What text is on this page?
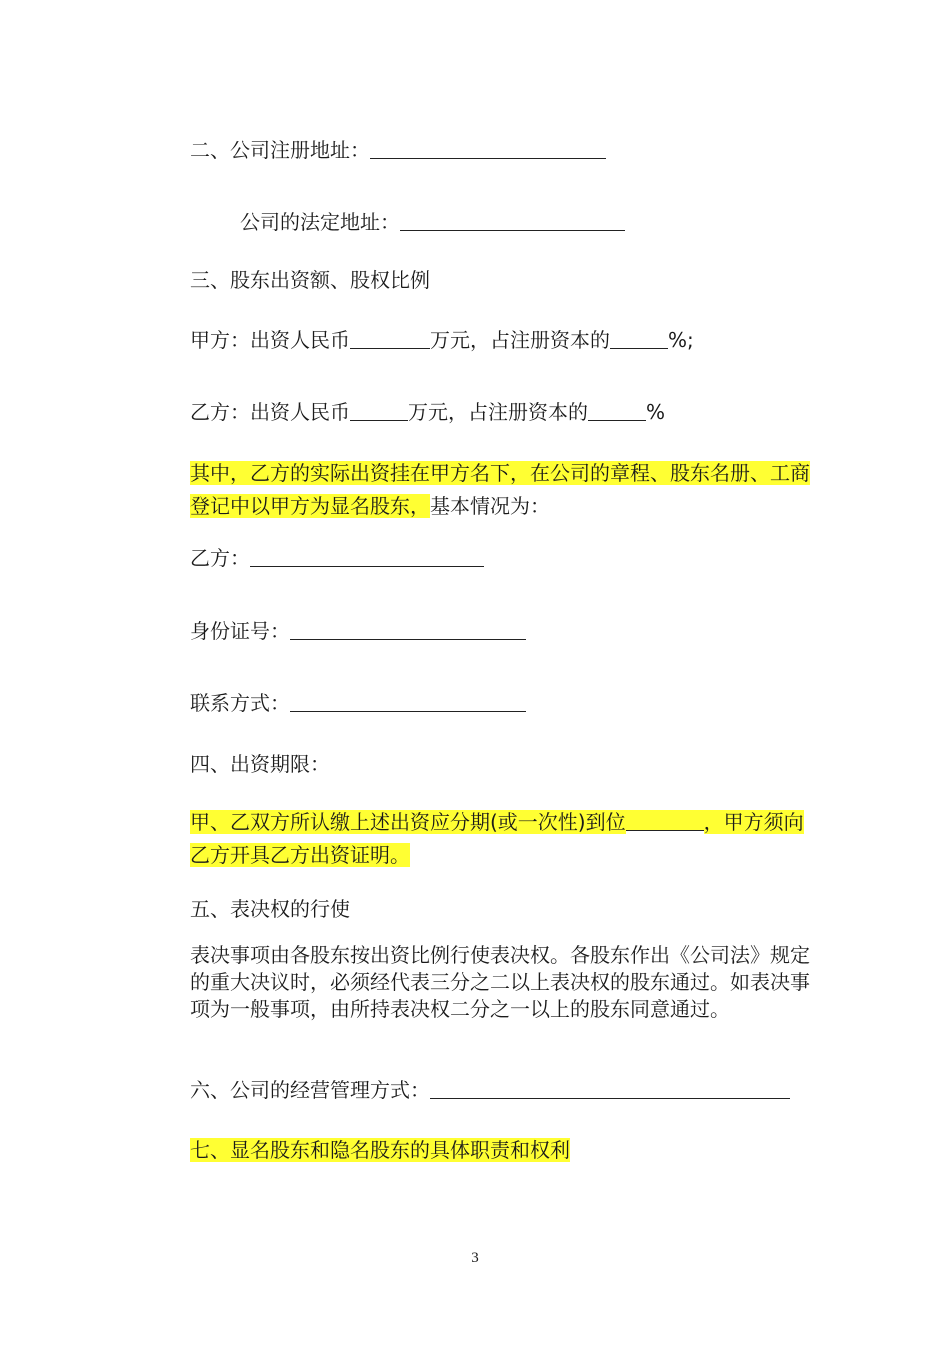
二、公司注册地址：
公司的法定地址：
三、股东出资额、股权比例
甲方：出资人民币	万元，占注册资本的	%;
乙方：出资人民币	万元，占注册资本的	%
其中，乙方的实际出资挂在甲方名下，在公司的章程、股东名册、工商登记中以甲方为显名股东，基本情况为：
乙方：
身份证号：
联系方式：
四、出资期限：
甲、乙双方所认缴上述出资应分期(或一次性)到位	，甲方须向乙方开具乙方出资证明。
五、表决权的行使
表决事项由各股东按出资比例行使表决权。各股东作出《公司法》规定的重大决议时，必须经代表三分之二以上表决权的股东通过。如表决事项为一般事项，由所持表决权二分之一以上的股东同意通过。
六、公司的经营管理方式：
七、显名股东和隐名股东的具体职责和权利
3
